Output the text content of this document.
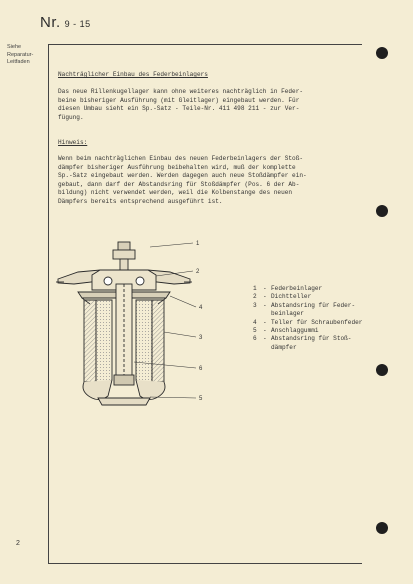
Nr. 9 - 15
Siehe
Reparatur-
Leitfaden
2
Nachträglicher Einbau des Federbeinlagers
Das neue Rillenkugellager kann ohne weiteres nachträglich in Feder-
beine bisheriger Ausführung (mit Gleitlager) eingebaut werden. Für
diesen Umbau sieht ein Sp.-Satz - Teile-Nr. 411 498 211 - zur Ver-
fügung.
Hinweis:
Wenn beim nachträglichen Einbau des neuen Federbeinlagers der Stoß-
dämpfer bisheriger Ausführung beibehalten wird, muß der komplette
Sp.-Satz eingebaut werden. Werden dagegen auch neue Stoßdämpfer ein-
gebaut, dann darf der Abstandsring für Stoßdämpfer (Pos. 6 der Ab-
bildung) nicht verwendet werden, weil die Kolbenstange des neuen
Dämpfers bereits entsprechend ausgeführt ist.
1
2
4
3
6
5
1	- Federbeinlager
2	- Dichtteller
3	- Abstandsring für Feder-
beinlager
4	- Teller für Schraubenfeder
5	- Anschlaggummi
6	- Abstandsring für Stoß-
dämpfer
